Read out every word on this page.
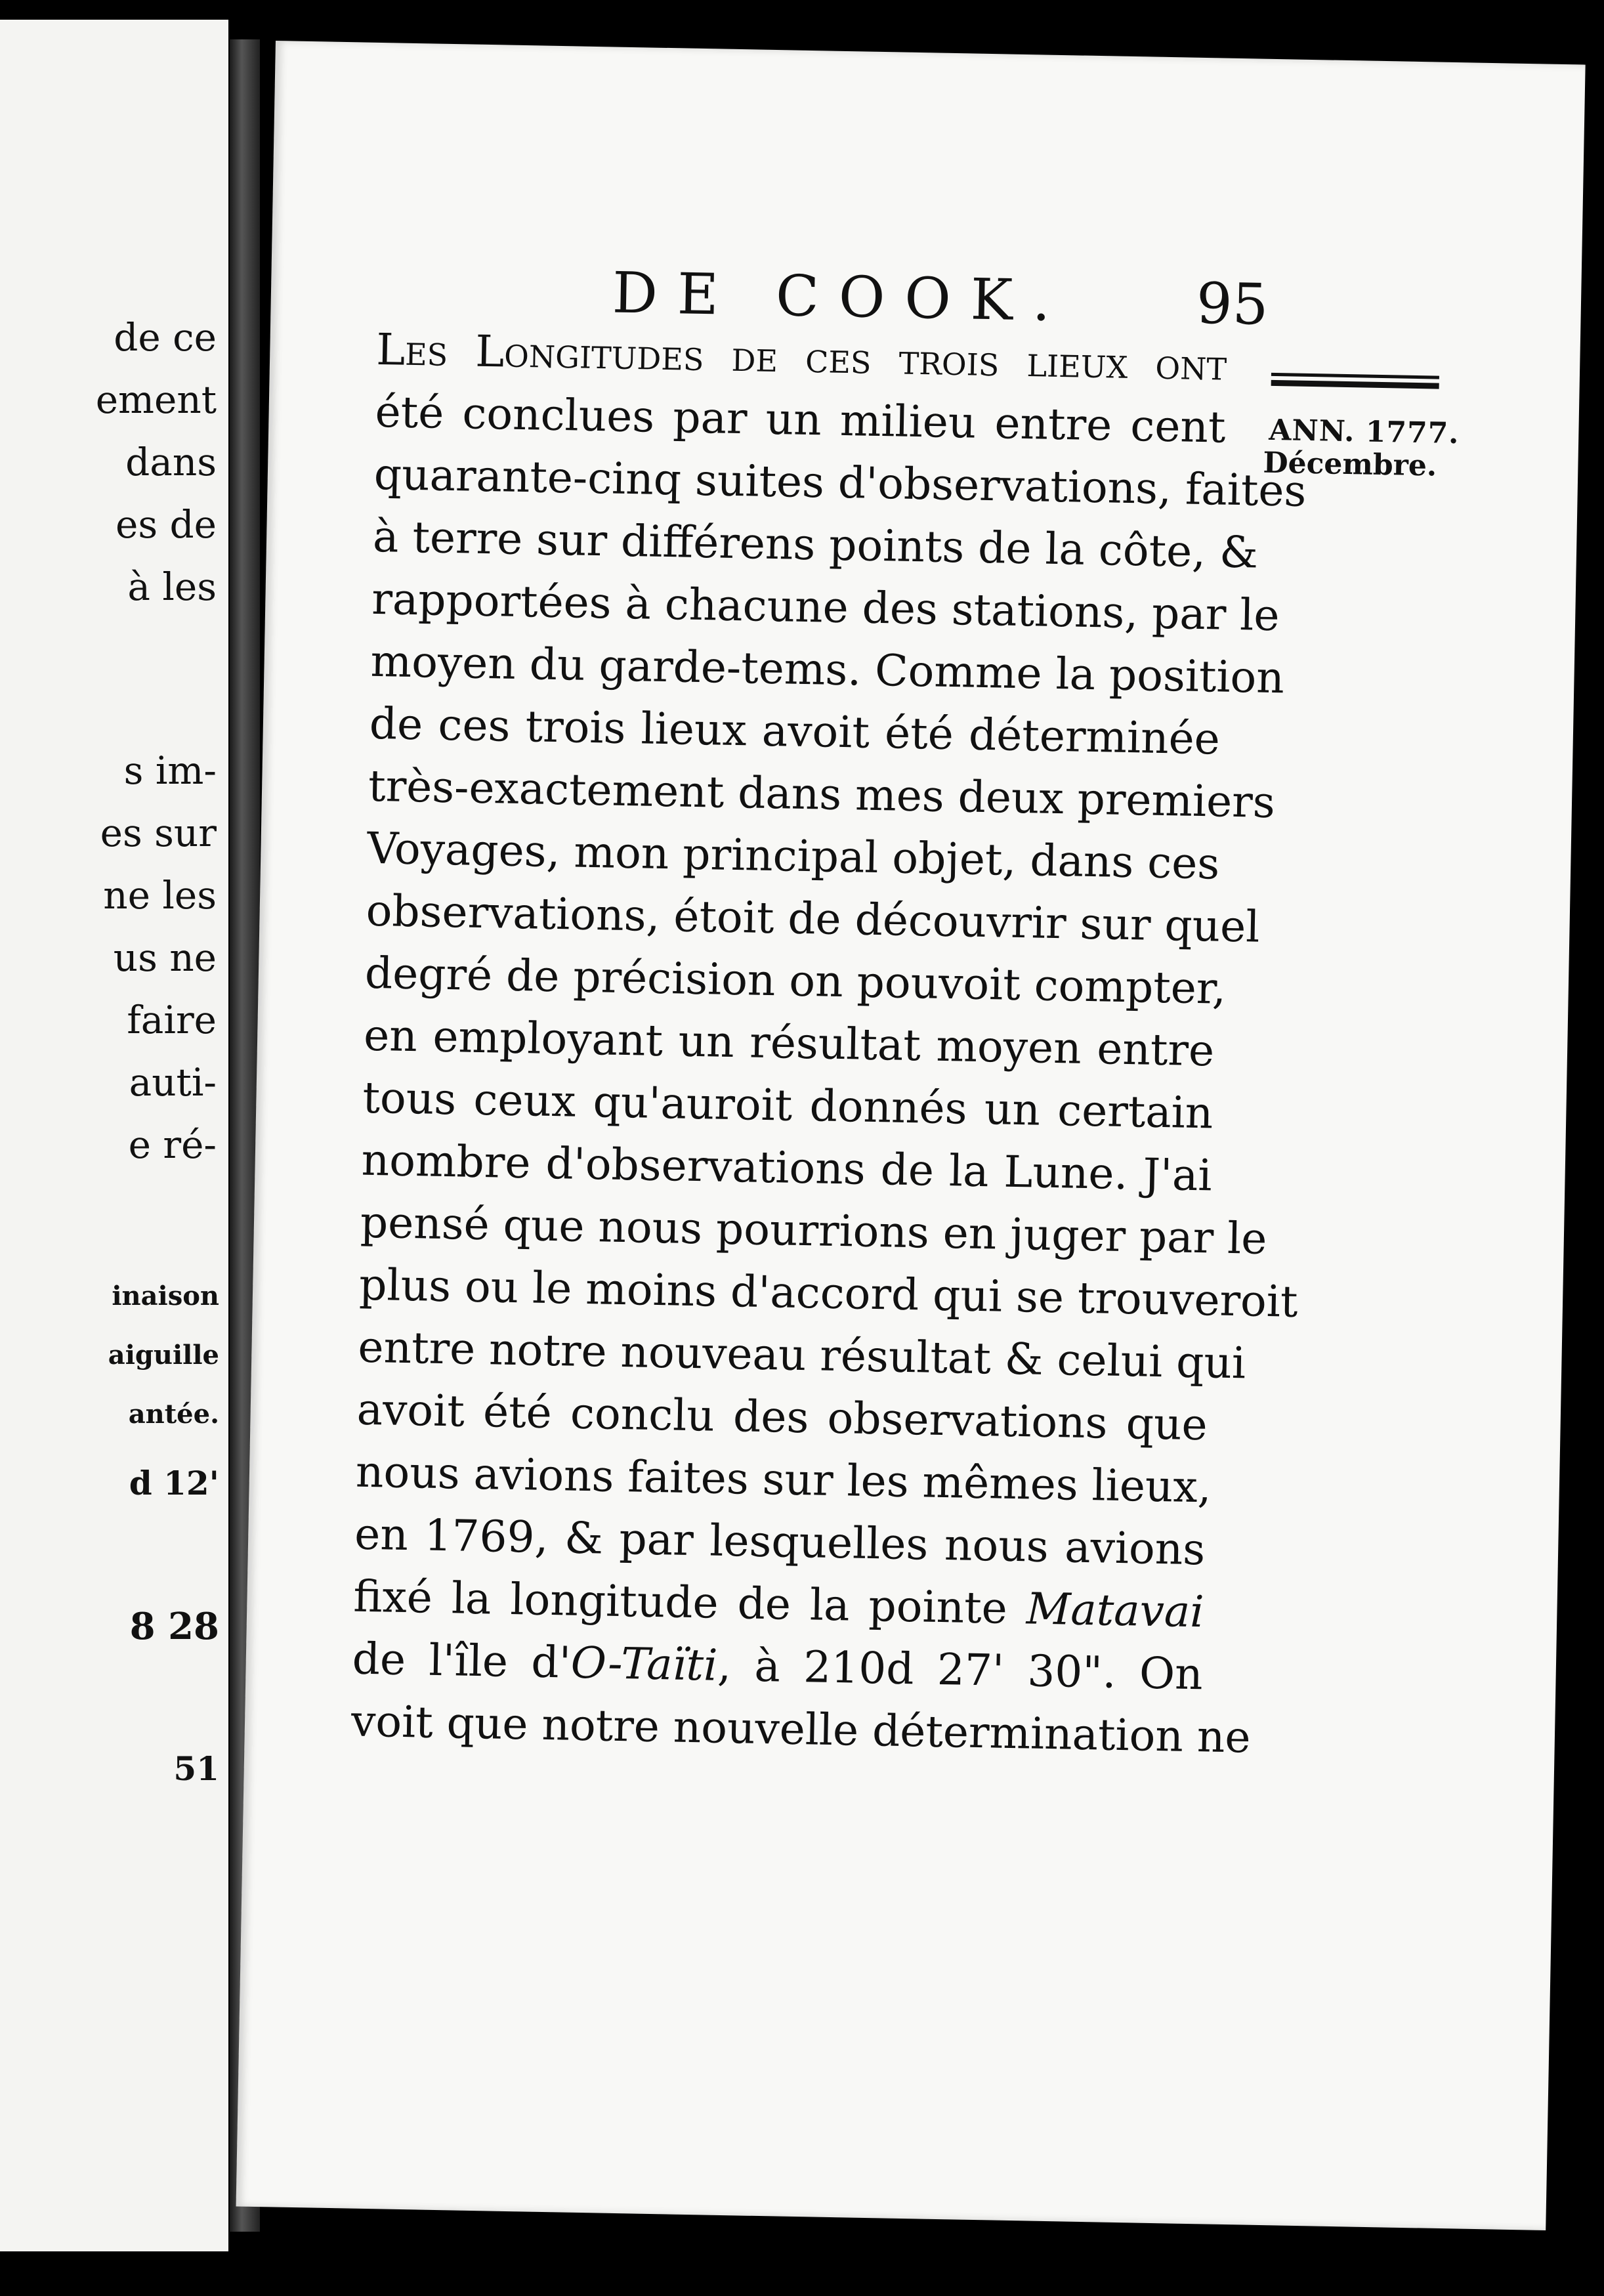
de ce
ement
dans
es de
à les
s im-
es sur
ne les
us ne
faire
auti-
e ré-
inaison
aiguille
antée.
d 12'
8 28
51
DE COOK.	95
ANN. 1777.
Décembre.
Les Longitudes de ces trois lieux ont
été conclues par un milieu entre cent
quarante-cinq suites d'observations, faites
à terre sur différens points de la côte, &
rapportées à chacune des stations, par le
moyen du garde-tems. Comme la position
de ces trois lieux avoit été déterminée
très-exactement dans mes deux premiers
Voyages, mon principal objet, dans ces
observations, étoit de découvrir sur quel
degré de précision on pouvoit compter,
en employant un résultat moyen entre
tous ceux qu'auroit donnés un certain
nombre d'observations de la Lune. J'ai
pensé que nous pourrions en juger par le
plus ou le moins d'accord qui se trouveroit
entre notre nouveau résultat & celui qui
avoit été conclu des observations que
nous avions faites sur les mêmes lieux,
en 1769, & par lesquelles nous avions
fixé la longitude de la pointe Matavai
de l'île d'O-Taïti, à 210d 27' 30". On
voit que notre nouvelle détermination ne
